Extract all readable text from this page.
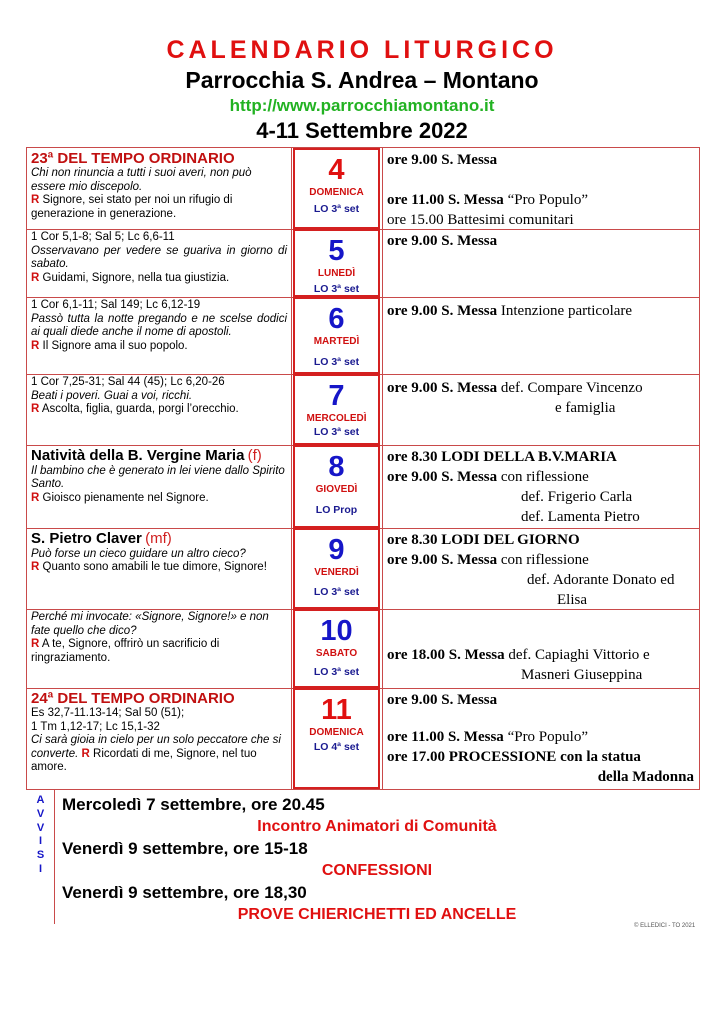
CALENDARIO LITURGICO
Parrocchia S. Andrea – Montano
http://www.parrocchiamontano.it
4-11 Settembre 2022
23ª DEL TEMPO ORDINARIO
Chi non rinuncia a tutti i suoi averi, non può essere mio discepolo.
R Signore, sei stato per noi un rifugio di generazione in generazione.
4
DOMENICA
LO 3ª set
ore 9.00 S. Messa
ore 11.00 S. Messa “Pro Populo”
ore 15.00 Battesimi comunitari
1 Cor 5,1-8; Sal 5; Lc 6,6-11
Osservavano per vedere se guariva in giorno di sabato.
R Guidami, Signore, nella tua giustizia.
5
LUNEDÌ
LO 3ª set
ore 9.00 S. Messa
1 Cor 6,1-11; Sal 149; Lc 6,12-19
Passò tutta la notte pregando e ne scelse dodici ai quali diede anche il nome di apostoli.
R Il Signore ama il suo popolo.
6
MARTEDÌ
LO 3ª set
ore 9.00 S. Messa Intenzione particolare
1 Cor 7,25-31; Sal 44 (45); Lc 6,20-26
Beati i poveri. Guai a voi, ricchi.
R Ascolta, figlia, guarda, porgi l’orecchio.	7
MERCOLEDÌ
LO 3ª set
ore 9.00 S. Messa def. Compare Vincenzo
e famiglia
Natività della B. Vergine Maria (f)
Il bambino che è generato in lei viene dallo Spirito Santo.
R Gioisco pienamente nel Signore.
8
GIOVEDÌ
LO Prop
ore 8.30 LODI DELLA B.V.MARIA
ore 9.00 S. Messa con riflessione
def. Frigerio Carla
def. Lamenta Pietro
S. Pietro Claver (mf)
Può forse un cieco guidare un altro cieco?
R Quanto sono amabili le tue dimore, Signore!
9
VENERDÌ
LO 3ª set
ore 8.30 LODI DEL GIORNO
ore 9.00 S. Messa con riflessione
def. Adorante Donato ed
Elisa
Perché mi invocate: «Signore, Signore!» e non fate quello che dico?
R A te, Signore, offrirò un sacrificio di ringraziamento.
10
SABATO
LO 3ª set
ore 18.00 S. Messa def. Capiaghi Vittorio e
Masneri Giuseppina
24ª DEL TEMPO ORDINARIO
Es 32,7-11.13-14; Sal 50 (51);
1 Tm 1,12-17; Lc 15,1-32
Ci sarà gioia in cielo per un solo peccatore che si converte. R Ricordati di me, Signore, nel tuo amore.
11
DOMENICA
LO 4ª set
ore 9.00 S. Messa
ore 11.00 S. Messa “Pro Populo”
ore 17.00 PROCESSIONE con la statua
della Madonna
A
V
V
I
S
I
Mercoledì 7 settembre, ore 20.45
Incontro Animatori di Comunità
Venerdì 9 settembre, ore 15-18
CONFESSIONI
Venerdì 9 settembre, ore 18,30
PROVE CHIERICHETTI ED ANCELLE
© ELLEDICI - TO 2021
